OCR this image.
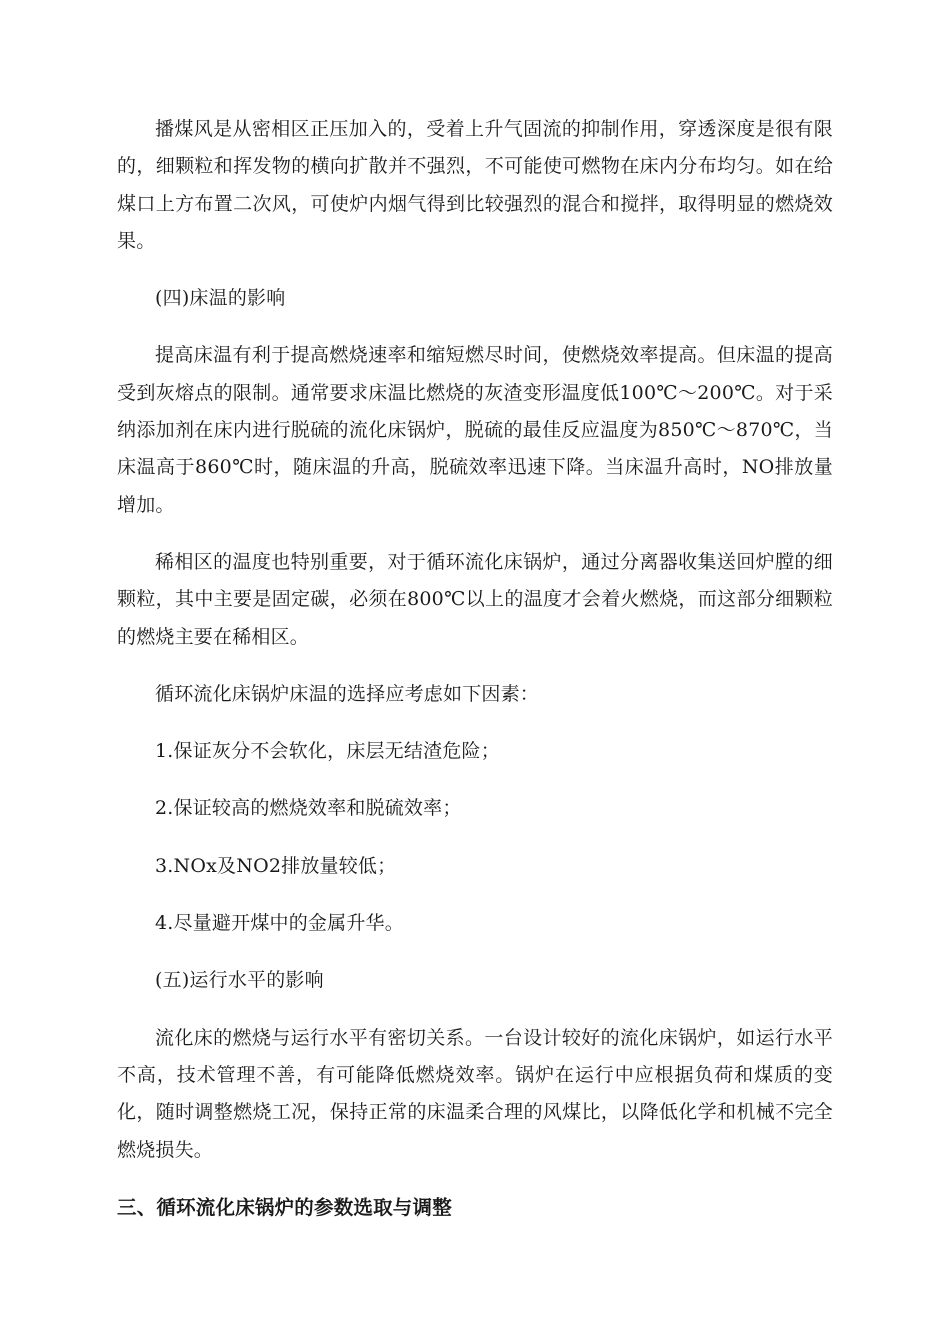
播煤风是从密相区正压加入的，受着上升气固流的抑制作用，穿透深度是很有限的，细颗粒和挥发物的横向扩散并不强烈，不可能使可燃物在床内分布均匀。如在给煤口上方布置二次风，可使炉内烟气得到比较强烈的混合和搅拌，取得明显的燃烧效果。

(四)床温的影响

提高床温有利于提高燃烧速率和缩短燃尽时间，使燃烧效率提高。但床温的提高受到灰熔点的限制。通常要求床温比燃烧的灰渣变形温度低100℃～200℃。对于采纳添加剂在床内进行脱硫的流化床锅炉，脱硫的最佳反应温度为850℃～870℃，当床温高于860℃时，随床温的升高，脱硫效率迅速下降。当床温升高时，NO排放量增加。

稀相区的温度也特别重要，对于循环流化床锅炉，通过分离器收集送回炉膛的细颗粒，其中主要是固定碳，必须在800℃以上的温度才会着火燃烧，而这部分细颗粒的燃烧主要在稀相区。

循环流化床锅炉床温的选择应考虑如下因素：

1.保证灰分不会软化，床层无结渣危险；

2.保证较高的燃烧效率和脱硫效率；

3.NOx及NO2排放量较低；

4.尽量避开煤中的金属升华。

(五)运行水平的影响

流化床的燃烧与运行水平有密切关系。一台设计较好的流化床锅炉，如运行水平不高，技术管理不善，有可能降低燃烧效率。锅炉在运行中应根据负荷和煤质的变化，随时调整燃烧工况，保持正常的床温柔合理的风煤比，以降低化学和机械不完全燃烧损失。

三、循环流化床锅炉的参数选取与调整
